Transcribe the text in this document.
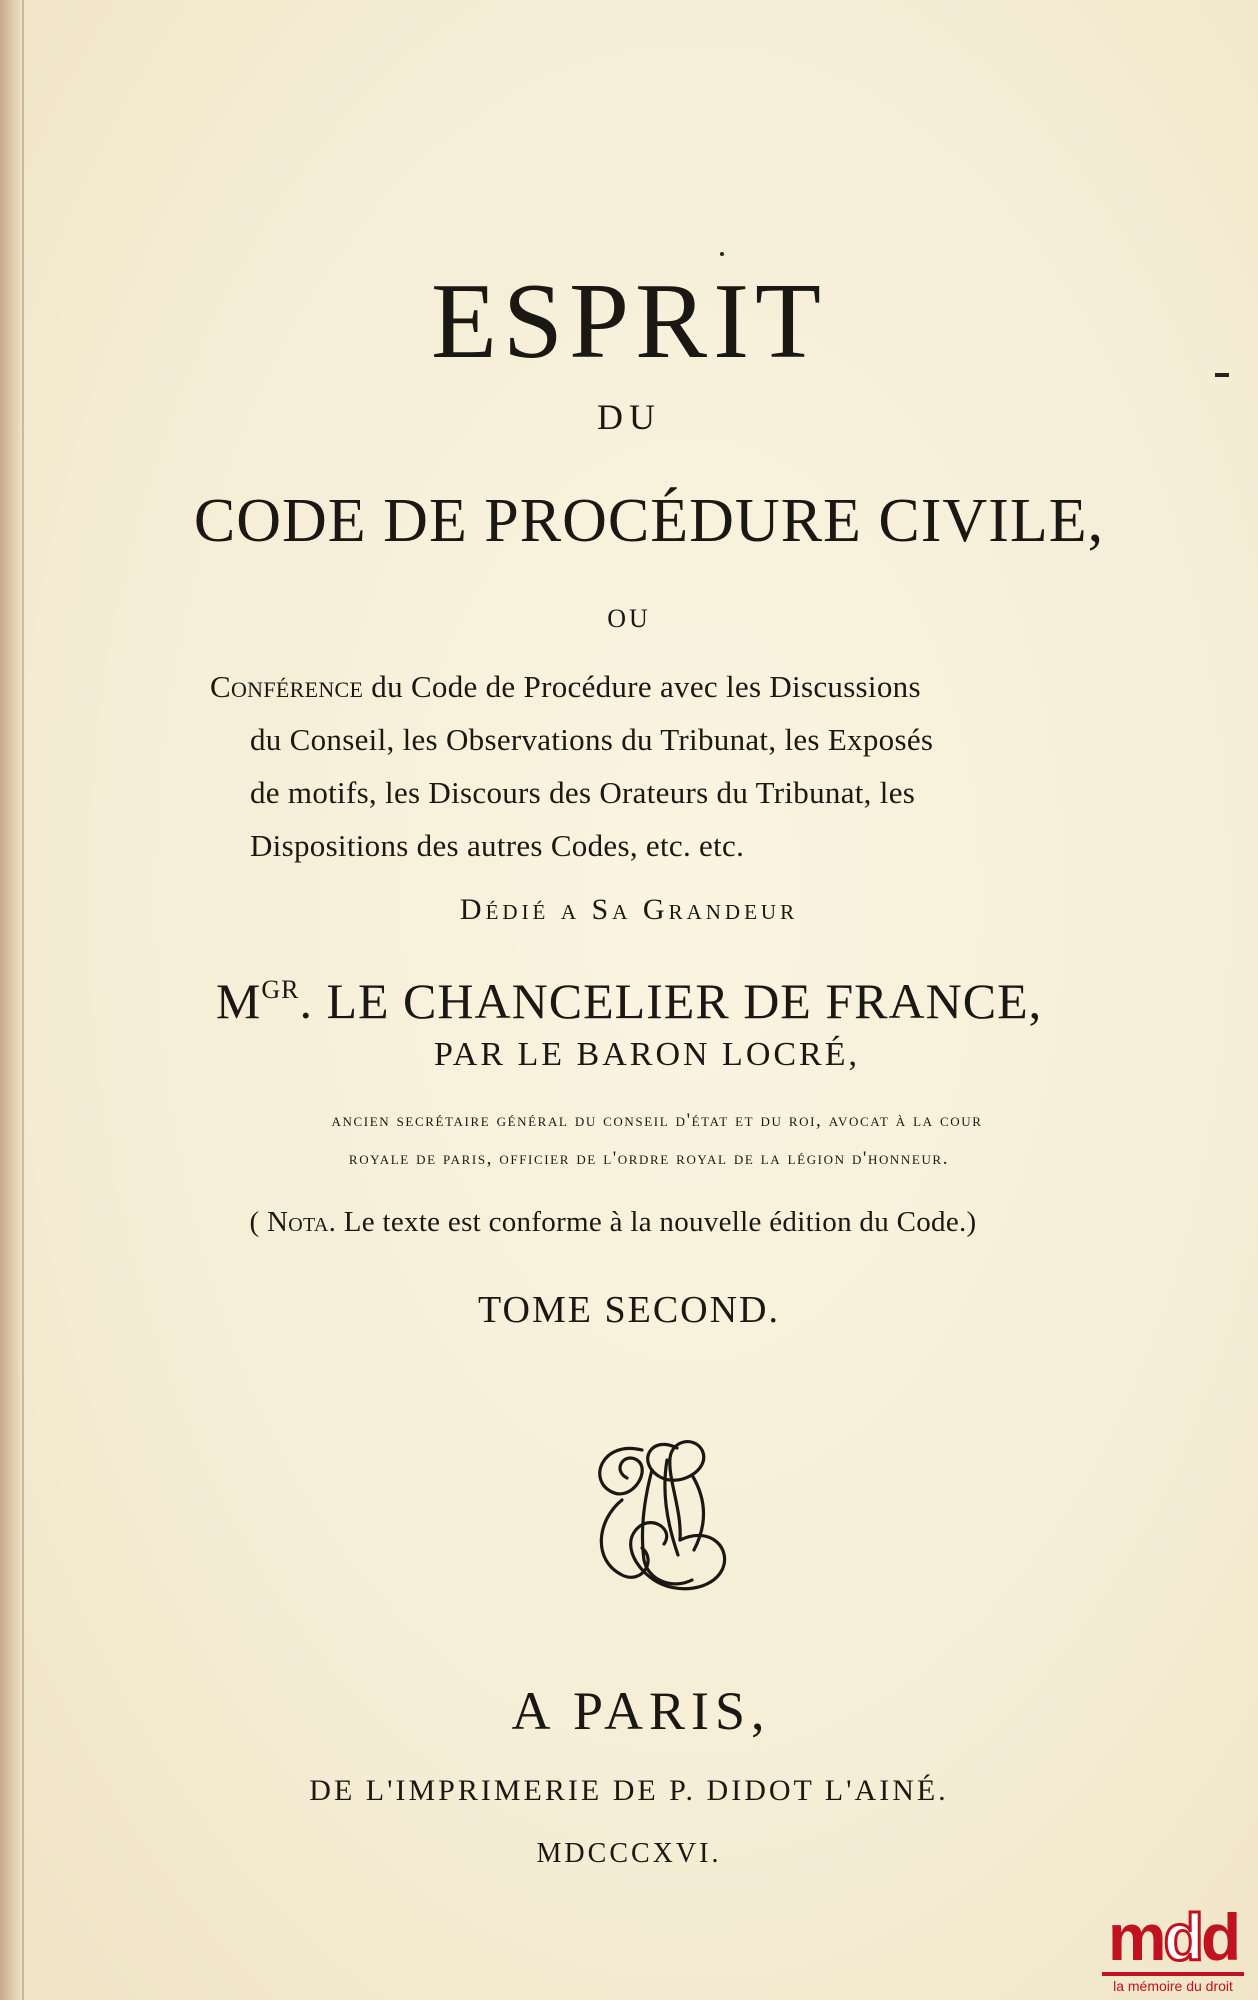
ESPRIT
DU
CODE DE PROCÉDURE CIVILE,
OU
Conférence du Code de Procédure avec les Discussions
du Conseil, les Observations du Tribunat, les Exposés
de motifs, les Discours des Orateurs du Tribunat, les
Dispositions des autres Codes, etc. etc.
Dédié a Sa Grandeur
$M^{GR}$. LE CHANCELIER DE FRANCE,
PAR LE BARON LOCRÉ,
ancien secrétaire général du conseil d'état et du roi, avocat à la cour
royale de paris, officier de l'ordre royal de la légion d'honneur.
( Nota. Le texte est conforme à la nouvelle édition du Code.)
TOME SECOND.
A PARIS,
DE L'IMPRIMERIE DE P. DIDOT L'AINÉ.
MDCCCXVI.
mdd
la mémoire du droit
